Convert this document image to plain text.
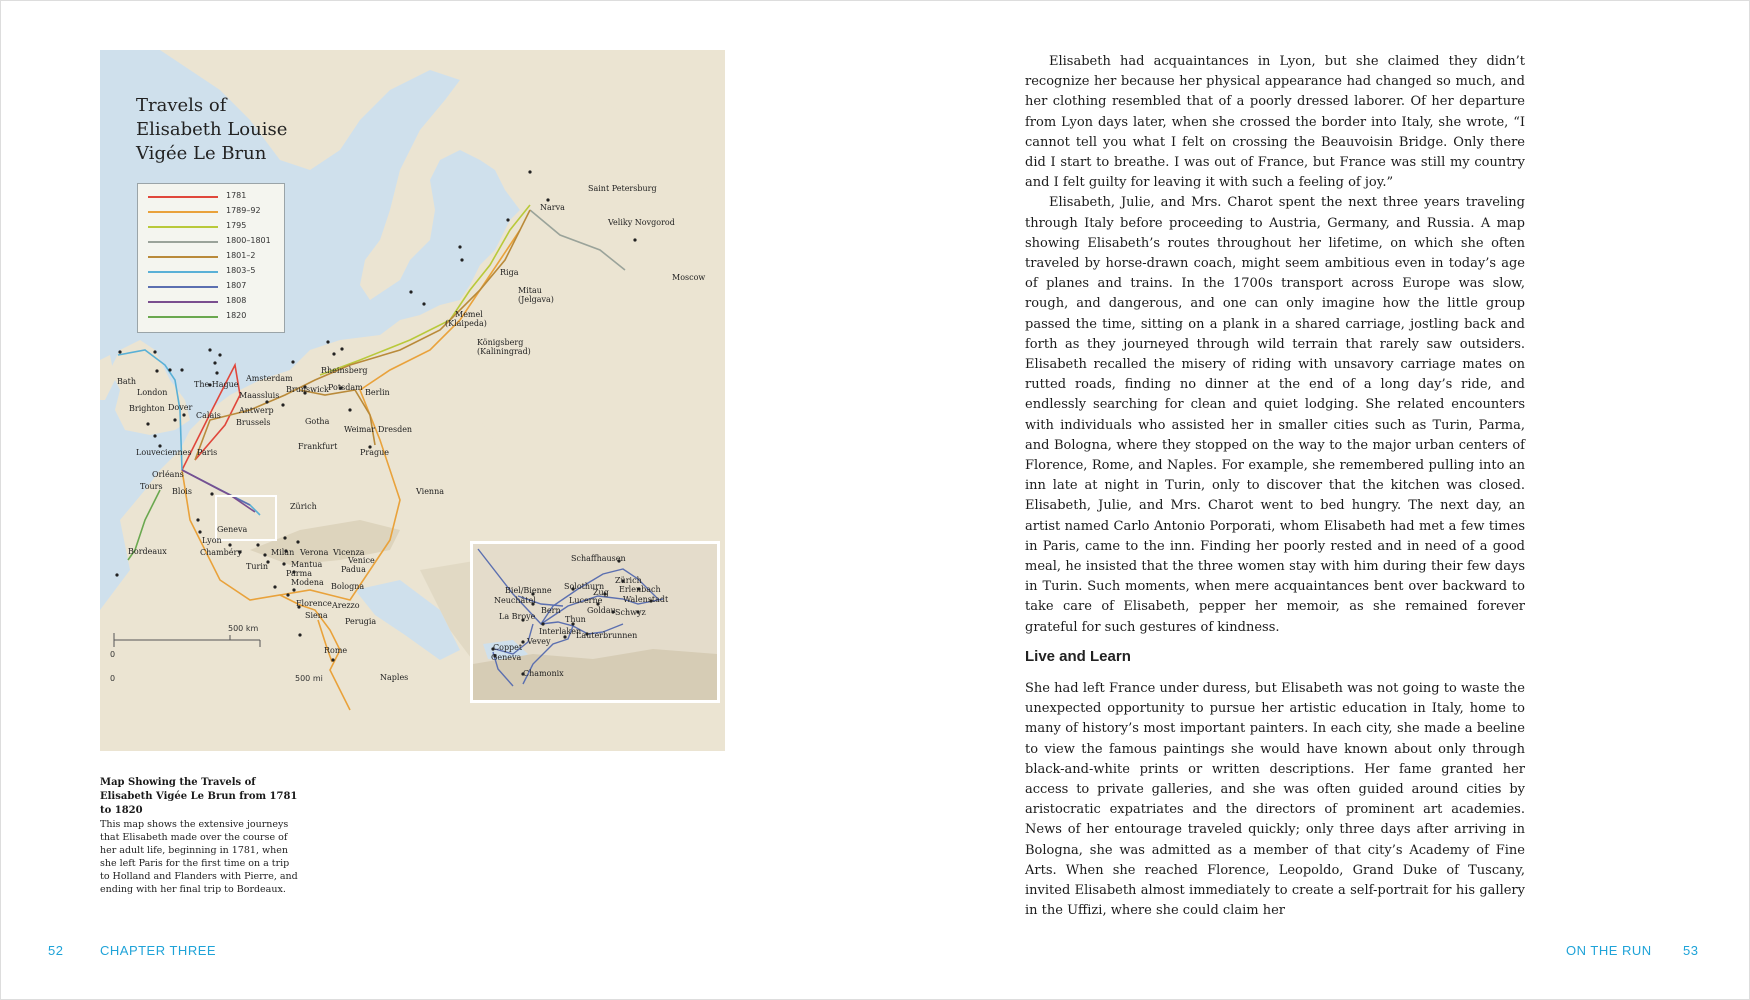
Travels of
Elisabeth Louise
Vigée Le Brun
1781
1789–92
1795
1800–1801
1801–2
1803–5
1807
1808
1820
Saint Petersburg
Narva
Veliky Novgorod
Moscow
Riga
Mitau
(Jelgava)
Memel
(Klaipeda)
Königsberg
(Kaliningrad)
Rheinsberg
Potsdam
Berlin
Brunswick
Bath
London
Brighton Dover
Calais
The Hague
Amsterdam
Maassluis
Antwerp
Brussels	Gotha
Weimar Dresden
Frankfurt
Prague
Louveciennes Paris
Orléans
Tours
Blois	Vienna
Zürich
Geneva
Lyon
Chambéry
Bordeaux	Milan Verona Vicenza
Venice
Padua
Turin	Mantua
Parma
Modena Bologna
Florence Arezzo
Siena
Perugia
Rome
Naples
0
500 km
0	500 mi
Schaffhausen
Zürich
Erlenbach
Walenstadt
Biel/Bienne Solothurn
Zug
Neuchâtel	Lucerne
Bern	Goldau Schwyz
La Broye	Thun
Interlaken
Lauterbrunnen
Vevey
Coppet
Geneva
Chamonix
Map Showing the Travels of Elisabeth Vigée Le Brun from 1781 to 1820
This map shows the extensive journeys that Elisabeth made over the course of her adult life, beginning in 1781, when she left Paris for the first time on a trip to Holland and Flanders with Pierre, and ending with her final trip to Bordeaux.

Elisabeth had acquaintances in Lyon, but she claimed they didn’t recognize her because her physical appearance had changed so much, and her clothing resembled that of a poorly dressed laborer. Of her departure from Lyon days later, when she crossed the border into Italy, she wrote, “I cannot tell you what I felt on crossing the Beauvoisin Bridge. Only there did I start to breathe. I was out of France, but France was still my country and I felt guilty for leaving it with such a feeling of joy.”

Elisabeth, Julie, and Mrs. Charot spent the next three years traveling through Italy before proceeding to Austria, Germany, and Russia. A map showing Elisabeth’s routes throughout her lifetime, on which she often traveled by horse-drawn coach, might seem ambitious even in today’s age of planes and trains. In the 1700s transport across Europe was slow, rough, and dangerous, and one can only imagine how the little group passed the time, sitting on a plank in a shared carriage, jostling back and forth as they journeyed through wild terrain that rarely saw outsiders. Elisabeth recalled the misery of riding with unsavory carriage mates on rutted roads, finding no dinner at the end of a long day’s ride, and endlessly searching for clean and quiet lodging. She related encounters with individuals who assisted her in smaller cities such as Turin, Parma, and Bologna, where they stopped on the way to the major urban centers of Florence, Rome, and Naples. For example, she remembered pulling into an inn late at night in Turin, only to discover that the kitchen was closed. Elisabeth, Julie, and Mrs. Charot went to bed hungry. The next day, an artist named Carlo Antonio Porporati, whom Elisabeth had met a few times in Paris, came to the inn. Finding her poorly rested and in need of a good meal, he insisted that the three women stay with him during their few days in Turin. Such moments, when mere acquaintances bent over backward to take care of Elisabeth, pepper her memoir, as she remained forever grateful for such gestures of kindness.

Live and Learn

She had left France under duress, but Elisabeth was not going to waste the unexpected opportunity to pursue her artistic education in Italy, home to many of history’s most important painters. In each city, she made a beeline to view the famous paintings she would have known about only through black-and-white prints or written descriptions. Her fame granted her access to private galleries, and she was often guided around cities by aristocratic expatriates and the directors of prominent art academies. News of her entourage traveled quickly; only three days after arriving in Bologna, she was admitted as a member of that city’s Academy of Fine Arts. When she reached Florence, Leopoldo, Grand Duke of Tuscany, invited Elisabeth almost immediately to create a self-portrait for his gallery in the Uffizi, where she could claim her

52	CHAPTER THREE	ON THE RUN 53
